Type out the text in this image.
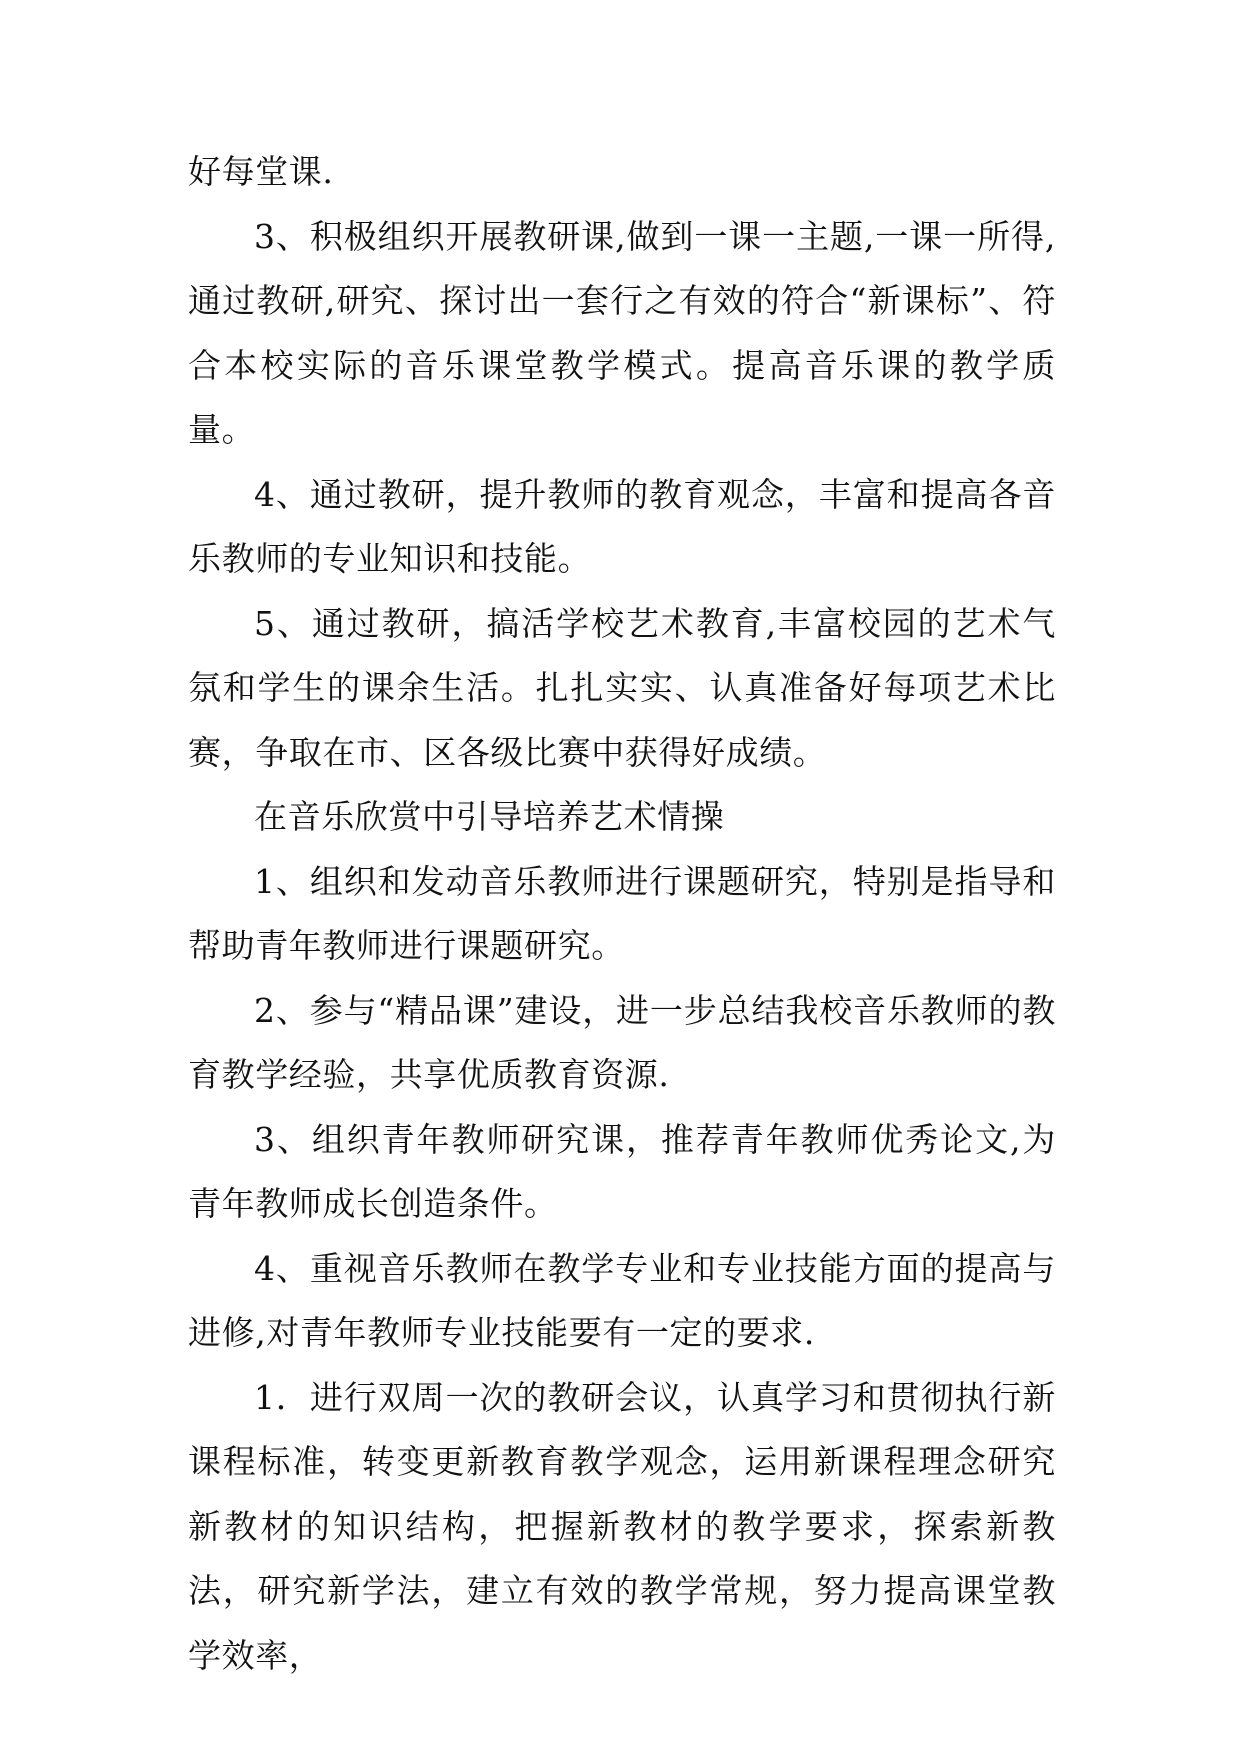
好每堂课.

3、积极组织开展教研课,做到一课一主题,一课一所得,通过教研,研究、探讨出一套行之有效的符合“新课标”、符合本校实际的音乐课堂教学模式。提高音乐课的教学质量。

4、通过教研，提升教师的教育观念，丰富和提高各音乐教师的专业知识和技能。

5、通过教研，搞活学校艺术教育,丰富校园的艺术气氛和学生的课余生活。扎扎实实、认真准备好每项艺术比赛，争取在市、区各级比赛中获得好成绩。

在音乐欣赏中引导培养艺术情操

1、组织和发动音乐教师进行课题研究，特别是指导和帮助青年教师进行课题研究。

2、参与“精品课”建设，进一步总结我校音乐教师的教育教学经验，共享优质教育资源.

3、组织青年教师研究课，推荐青年教师优秀论文,为青年教师成长创造条件。

4、重视音乐教师在教学专业和专业技能方面的提高与进修,对青年教师专业技能要有一定的要求.

1．进行双周一次的教研会议，认真学习和贯彻执行新课程标准，转变更新教育教学观念，运用新课程理念研究新教材的知识结构，把握新教材的教学要求，探索新教法，研究新学法，建立有效的教学常规，努力提高课堂教学效率，
